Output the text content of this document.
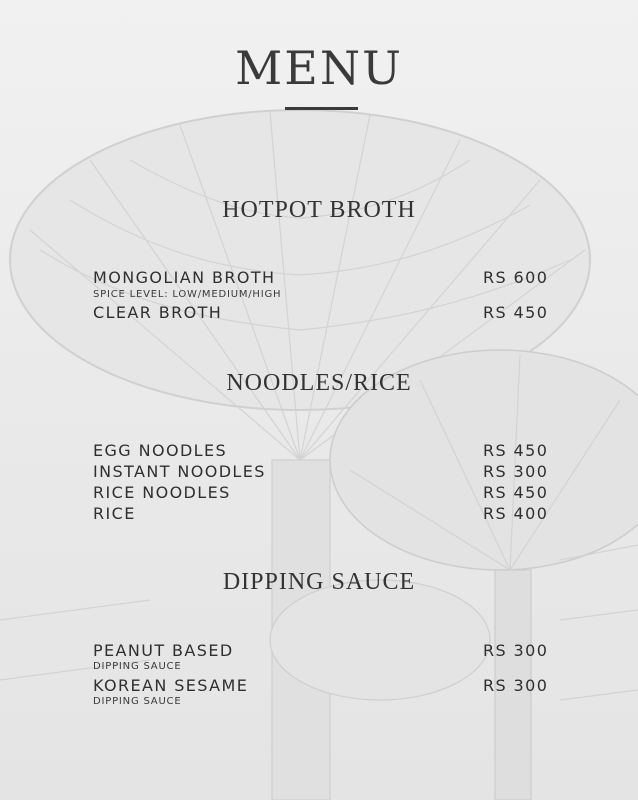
MENU
HOTPOT BROTH
MONGOLIAN BROTH	RS 600
SPICE LEVEL: LOW/MEDIUM/HIGH
CLEAR BROTH	RS 450
NOODLES/RICE
EGG NOODLES	RS 450
INSTANT NOODLES	RS 300
RICE NOODLES	RS 450
RICE	RS 400
DIPPING SAUCE
PEANUT BASED	RS 300
DIPPING SAUCE
KOREAN SESAME	RS 300
DIPPING SAUCE
